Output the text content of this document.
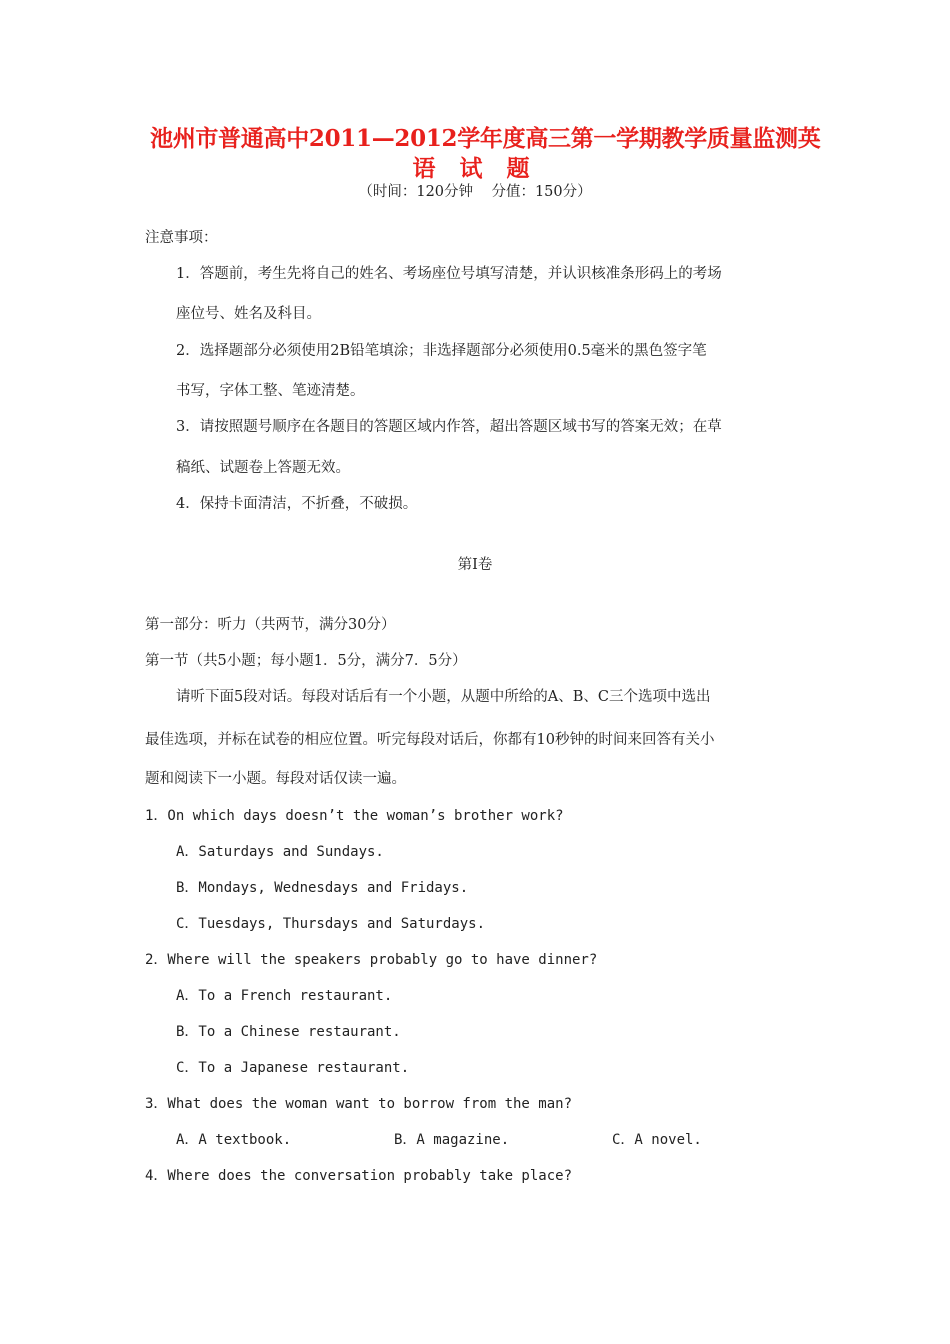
池州市普通高中2011—2012学年度高三第一学期教学质量监测英
语 试 题
（时间：120分钟    分值：150分）
注意事项：
1．答题前，考生先将自己的姓名、考场座位号填写清楚，并认识核准条形码上的考场
座位号、姓名及科目。
2．选择题部分必须使用2B铅笔填涂；非选择题部分必须使用0.5毫米的黑色签字笔
书写，字体工整、笔迹清楚。
3．请按照题号顺序在各题目的答题区域内作答，超出答题区域书写的答案无效；在草
稿纸、试题卷上答题无效。
4．保持卡面清洁，不折叠，不破损。
第Ⅰ卷
第一部分：听力（共两节，满分30分）
第一节（共5小题；每小题1．5分，满分7．5分）
请听下面5段对话。每段对话后有一个小题，从题中所给的A、B、C三个选项中选出
最佳选项，并标在试卷的相应位置。听完每段对话后，你都有10秒钟的时间来回答有关小
题和阅读下一小题。每段对话仅读一遍。
1．On which days doesn’t the woman’s brother work?
A．Saturdays and Sundays.
B．Mondays, Wednesdays and Fridays.
C．Tuesdays, Thursdays and Saturdays.
2．Where will the speakers probably go to have dinner?
A．To a French restaurant.
B．To a Chinese restaurant.
C．To a Japanese restaurant.
3．What does the woman want to borrow from the man?

A．A textbook.

	B．A magazine.

	C．A novel.

4．Where does the conversation probably take place?
